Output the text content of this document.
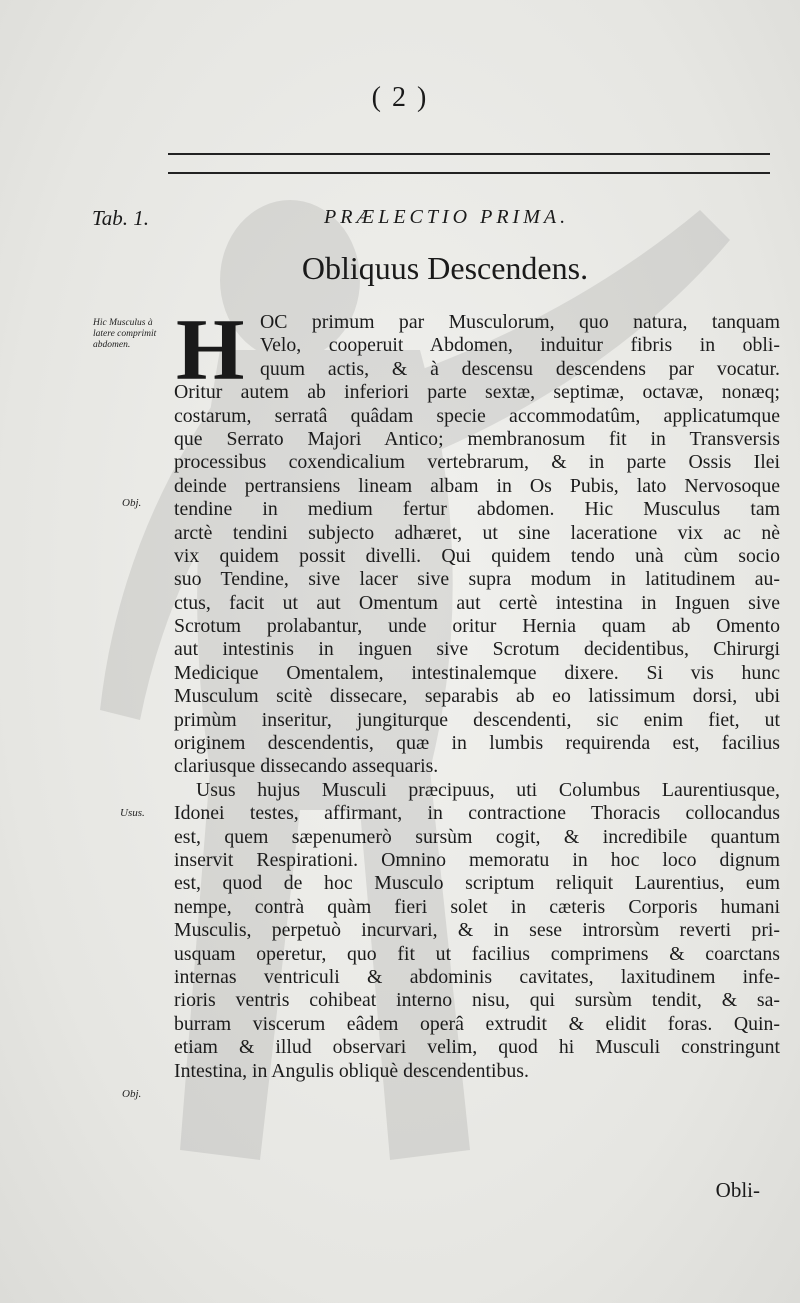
( 2 )
Tab. 1.	PRÆLECTIO PRIMA.
Obliquus Descendens.
Hic Musculus à latere comprimit abdomen.
Obj.
Usus.
Obj.
H OC primum par Musculorum, quo natura, tanquam
Velo, cooperuit Abdomen, induitur fibris in obli-
quum actis, & à descensu descendens par vocatur.
Oritur autem ab inferiori parte sextæ, septimæ, octavæ, nonæq;
costarum, serratâ quâdam specie accommodatûm, applicatumque
que Serrato Majori Antico; membranosum fit in Transversis
processibus coxendicalium vertebrarum, & in parte Ossis Ilei
deinde pertransiens lineam albam in Os Pubis, lato Nervosoque
tendine in medium fertur abdomen. Hic Musculus tam
arctè tendini subjecto adhæret, ut sine laceratione vix ac nè
vix quidem possit divelli. Qui quidem tendo unà cùm socio
suo Tendine, sive lacer sive supra modum in latitudinem au-
ctus, facit ut aut Omentum aut certè intestina in Inguen sive
Scrotum prolabantur, unde oritur Hernia quam ab Omento
aut intestinis in inguen sive Scrotum decidentibus, Chirurgi
Medicique Omentalem, intestinalemque dixere. Si vis hunc
Musculum scitè dissecare, separabis ab eo latissimum dorsi, ubi
primùm inseritur, jungiturque descendenti, sic enim fiet, ut
originem descendentis, quæ in lumbis requirenda est, facilius
clariusque dissecando assequaris.
Usus hujus Musculi præcipuus, uti Columbus Laurentiusque,
Idonei testes, affirmant, in contractione Thoracis collocandus
est, quem sæpenumerò sursùm cogit, & incredibile quantum
inservit Respirationi. Omnino memoratu in hoc loco dignum
est, quod de hoc Musculo scriptum reliquit Laurentius, eum
nempe, contrà quàm fieri solet in cæteris Corporis humani
Musculis, perpetuò incurvari, & in sese introrsùm reverti pri-
usquam operetur, quo fit ut facilius comprimens & coarctans
internas ventriculi & abdominis cavitates, laxitudinem infe-
rioris ventris cohibeat interno nisu, qui sursùm tendit, & sa-
burram viscerum eâdem operâ extrudit & elidit foras. Quin-
etiam & illud observari velim, quod hi Musculi constringunt
Intestina, in Angulis obliquè descendentibus.
Obli-
